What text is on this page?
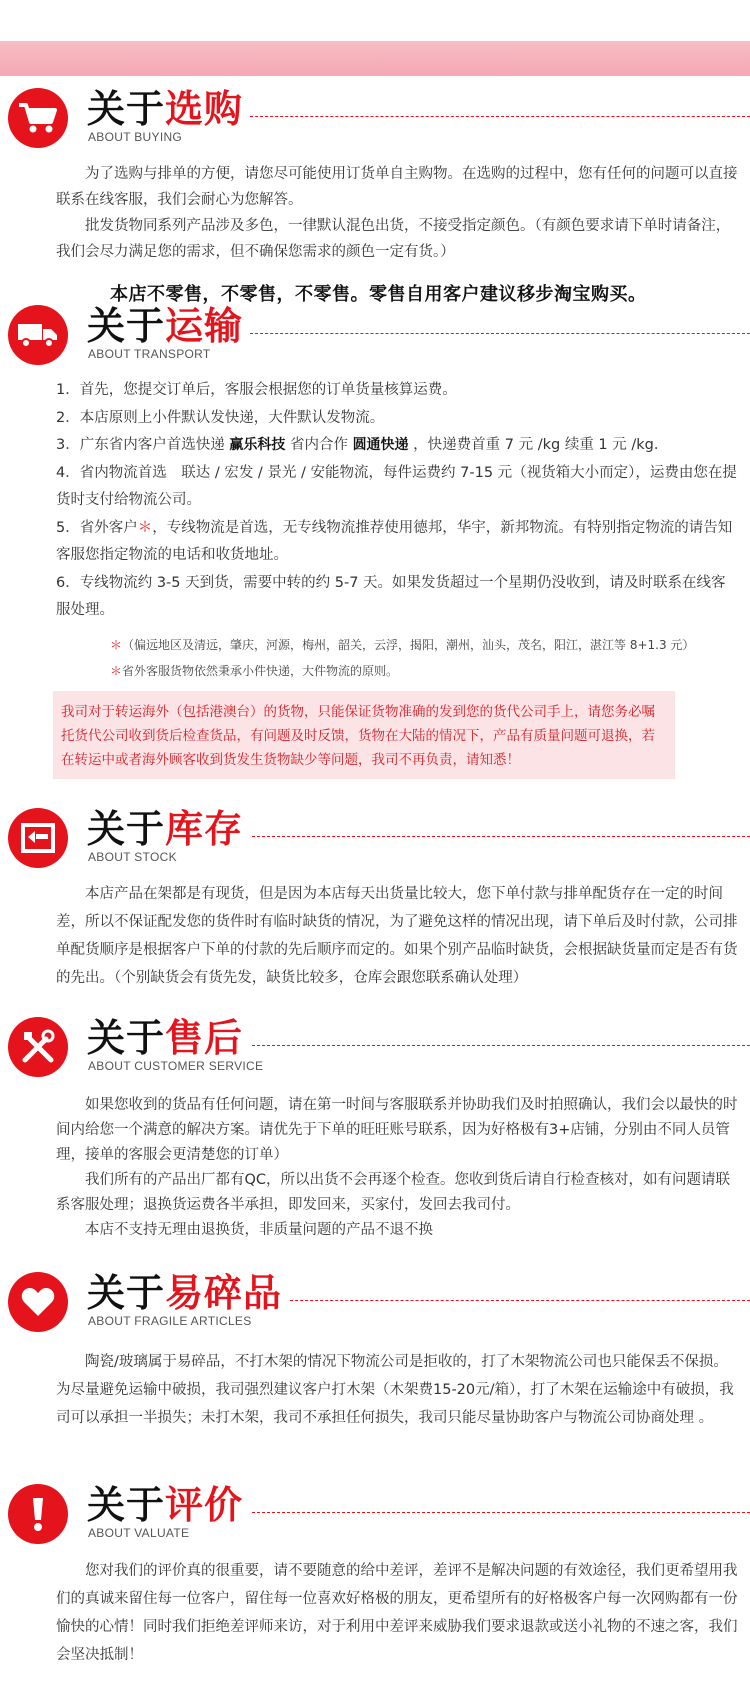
关于选购
ABOUT BUYING

为了选购与排单的方便，请您尽可能使用订货单自主购物。在选购的过程中，您有任何的问题可以直接联系在线客服，我们会耐心为您解答。

批发货物同系列产品涉及多色，一律默认混色出货，不接受指定颜色。（有颜色要求请下单时请备注，我们会尽力满足您的需求，但不确保您需求的颜色一定有货。）

本店不零售，不零售，不零售。零售自用客户建议移步淘宝购买。
关于运输
ABOUT TRANSPORT

1．首先，您提交订单后，客服会根据您的订单货量核算运费。

2．本店原则上小件默认发快递，大件默认发物流。

3．广东省内客户首选快递 赢乐科技 省内合作 圆通快递 ，快递费首重 7 元 /kg 续重 1 元 /kg．

4．省内物流首选　联达 / 宏发 / 景光 / 安能物流，每件运费约 7-15 元（视货箱大小而定），运费由您在提货时支付给物流公司。

5．省外客户＊，专线物流是首选，无专线物流推荐使用德邦，华宇，新邦物流。有特别指定物流的请告知客服您指定物流的电话和收货地址。

6．专线物流约 3-5 天到货，需要中转的约 5-7 天。如果发货超过一个星期仍没收到，请及时联系在线客服处理。

＊（偏远地区及清远，肇庆，河源，梅州，韶关，云浮，揭阳，潮州，汕头，茂名，阳江，湛江等 8+1.3 元）
＊省外客服货物依然秉承小件快递，大件物流的原则。
我司对于转运海外（包括港澳台）的货物，只能保证货物准确的发到您的货代公司手上，请您务必嘱托货代公司收到货后检查货品，有问题及时反馈，货物在大陆的情况下，产品有质量问题可退换，若在转运中或者海外顾客收到货发生货物缺少等问题，我司不再负责，请知悉！
关于库存
ABOUT STOCK

本店产品在架都是有现货，但是因为本店每天出货量比较大，您下单付款与排单配货存在一定的时间差，所以不保证配发您的货件时有临时缺货的情况，为了避免这样的情况出现，请下单后及时付款，公司排单配货顺序是根据客户下单的付款的先后顺序而定的。如果个别产品临时缺货，会根据缺货量而定是否有货的先出。（个别缺货会有货先发，缺货比较多，仓库会跟您联系确认处理）

关于售后
ABOUT CUSTOMER SERVICE

如果您收到的货品有任何问题，请在第一时间与客服联系并协助我们及时拍照确认，我们会以最快的时间内给您一个满意的解决方案。请优先于下单的旺旺账号联系，因为好格极有3+店铺，分别由不同人员管理，接单的客服会更清楚您的订单）

我们所有的产品出厂都有QC，所以出货不会再逐个检查。您收到货后请自行检查核对，如有问题请联系客服处理；退换货运费各半承担，即发回来，买家付，发回去我司付。

本店不支持无理由退换货，非质量问题的产品不退不换

关于易碎品
ABOUT FRAGILE ARTICLES

陶瓷/玻璃属于易碎品，不打木架的情况下物流公司是拒收的，打了木架物流公司也只能保丢不保损。为尽量避免运输中破损，我司强烈建议客户打木架（木架费15-20元/箱），打了木架在运输途中有破损，我司可以承担一半损失；未打木架，我司不承担任何损失，我司只能尽量协助客户与物流公司协商处理 。

关于评价
ABOUT VALUATE

您对我们的评价真的很重要，请不要随意的给中差评，差评不是解决问题的有效途径，我们更希望用我们的真诚来留住每一位客户，留住每一位喜欢好格极的朋友，更希望所有的好格极客户每一次网购都有一份愉快的心情！同时我们拒绝差评师来访，对于利用中差评来威胁我们要求退款或送小礼物的不速之客，我们会坚决抵制！
